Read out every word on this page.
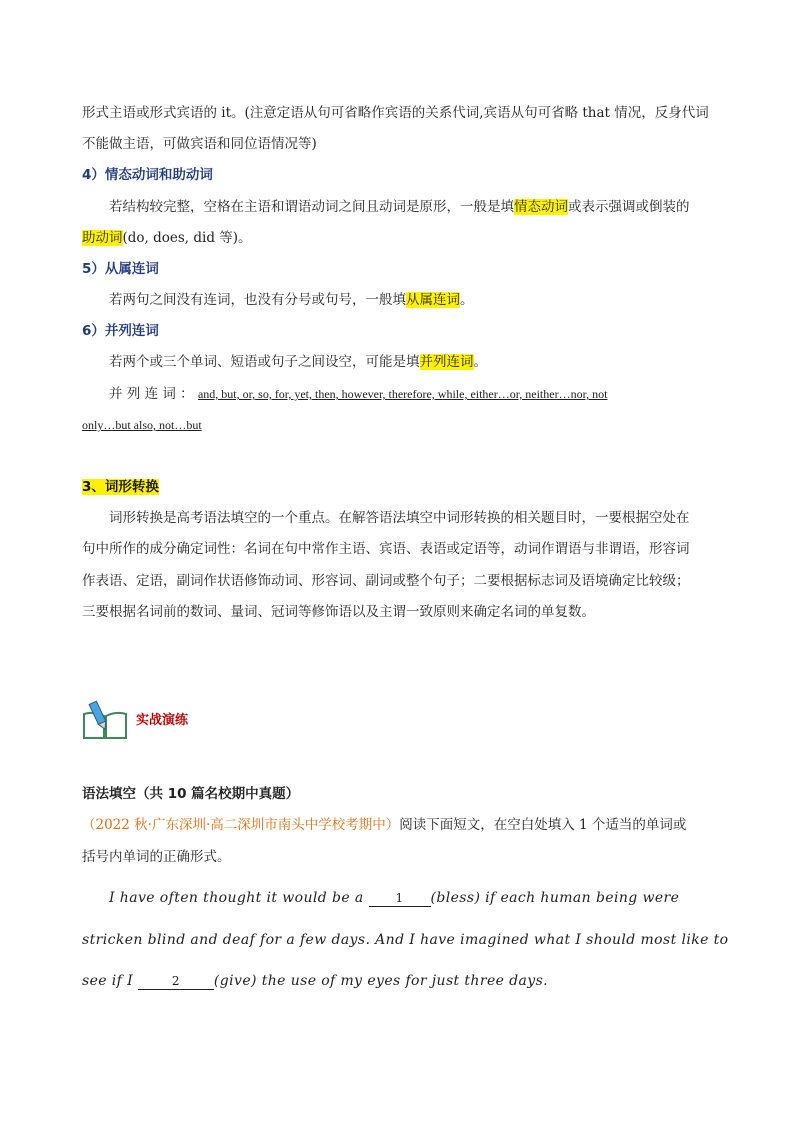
形式主语或形式宾语的 it。(注意定语从句可省略作宾语的关系代词,宾语从句可省略 that 情况，反身代词
不能做主语，可做宾语和同位语情况等)
4）情态动词和助动词
若结构较完整，空格在主语和谓语动词之间且动词是原形，一般是填情态动词或表示强调或倒装的
助动词(do, does, did 等)。
5）从属连词
若两句之间没有连词，也没有分号或句号，一般填从属连词。
6）并列连词
若两个或三个单词、短语或句子之间设空，可能是填并列连词。
并 列 连 词 ： and, but, or, so, for, yet, then, however, therefore, while, either…or, neither…nor, not
only…but also, not…but
3、词形转换
词形转换是高考语法填空的一个重点。在解答语法填空中词形转换的相关题目时，一要根据空处在
句中所作的成分确定词性：名词在句中常作主语、宾语、表语或定语等，动词作谓语与非谓语，形容词
作表语、定语，副词作状语修饰动词、形容词、副词或整个句子；二要根据标志词及语境确定比较级；
三要根据名词前的数词、量词、冠词等修饰语以及主谓一致原则来确定名词的单复数。
实战演练
语法填空（共 10 篇名校期中真题）
（2022 秋·广东深圳·高二深圳市南头中学校考期中）阅读下面短文，在空白处填入 1 个适当的单词或
括号内单词的正确形式。
I have often thought it would be a 1 (bless) if each human being were
stricken blind and deaf for a few days. And I have imagined what I should most like to
see if I	2 (give) the use of my eyes for just three days.
